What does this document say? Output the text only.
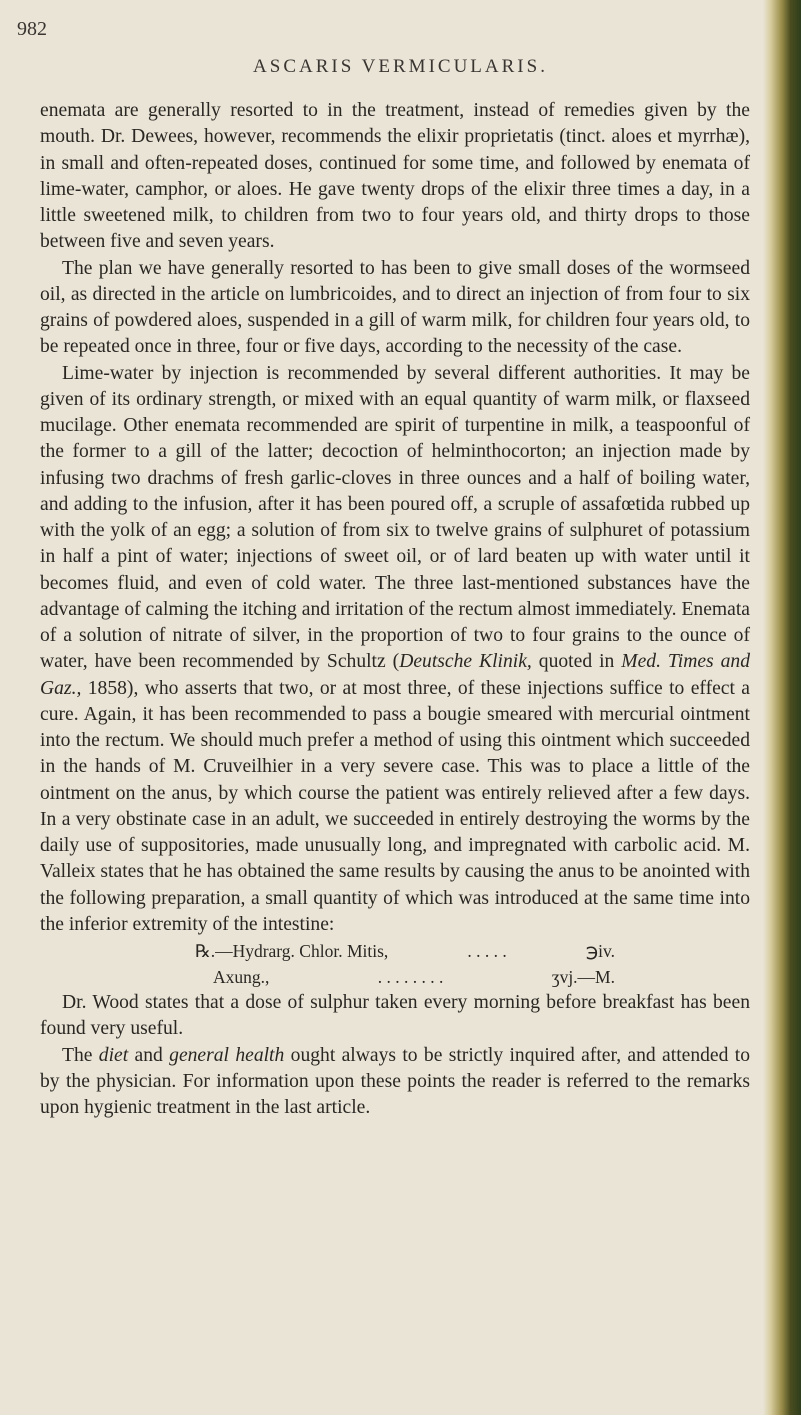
982
ASCARIS VERMICULARIS.

enemata are generally resorted to in the treatment, instead of remedies given by the mouth. Dr. Dewees, however, recommends the elixir proprietatis (tinct. aloes et myrrhæ), in small and often-repeated doses, continued for some time, and followed by enemata of lime-water, camphor, or aloes. He gave twenty drops of the elixir three times a day, in a little sweetened milk, to children from two to four years old, and thirty drops to those between five and seven years.

The plan we have generally resorted to has been to give small doses of the wormseed oil, as directed in the article on lumbricoides, and to direct an injection of from four to six grains of powdered aloes, suspended in a gill of warm milk, for children four years old, to be repeated once in three, four or five days, according to the necessity of the case.

Lime-water by injection is recommended by several different authorities. It may be given of its ordinary strength, or mixed with an equal quantity of warm milk, or flaxseed mucilage. Other enemata recommended are spirit of turpentine in milk, a teaspoonful of the former to a gill of the latter; decoction of helminthocorton; an injection made by infusing two drachms of fresh garlic-cloves in three ounces and a half of boiling water, and adding to the infusion, after it has been poured off, a scruple of assafœtida rubbed up with the yolk of an egg; a solution of from six to twelve grains of sulphuret of potassium in half a pint of water; injections of sweet oil, or of lard beaten up with water until it becomes fluid, and even of cold water. The three last-mentioned substances have the advantage of calming the itching and irritation of the rectum almost immediately. Enemata of a solution of nitrate of silver, in the proportion of two to four grains to the ounce of water, have been recommended by Schultz (Deutsche Klinik, quoted in Med. Times and Gaz., 1858), who asserts that two, or at most three, of these injections suffice to effect a cure. Again, it has been recommended to pass a bougie smeared with mercurial ointment into the rectum. We should much prefer a method of using this ointment which succeeded in the hands of M. Cruveilhier in a very severe case. This was to place a little of the ointment on the anus, by which course the patient was entirely relieved after a few days. In a very obstinate case in an adult, we succeeded in entirely destroying the worms by the daily use of suppositories, made unusually long, and impregnated with carbolic acid. M. Valleix states that he has obtained the same results by causing the anus to be anointed with the following preparation, a small quantity of which was introduced at the same time into the inferior extremity of the intestine:

℞.—Hydrarg. Chlor. Mitis,	. . . . .	℈iv.
Axung.,	. . . . . . . .	ʒvj.—M.

Dr. Wood states that a dose of sulphur taken every morning before breakfast has been found very useful.

The diet and general health ought always to be strictly inquired after, and attended to by the physician. For information upon these points the reader is referred to the remarks upon hygienic treatment in the last article.
